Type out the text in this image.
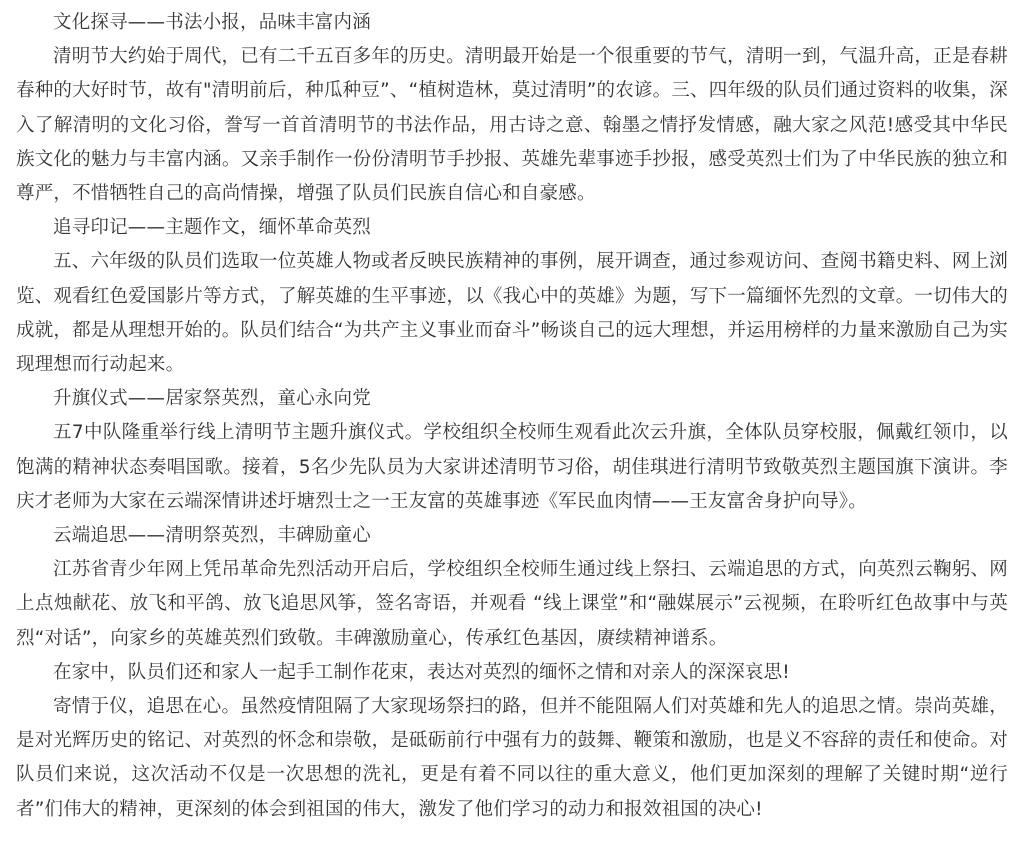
文化探寻——书法小报，品味丰富内涵

清明节大约始于周代，已有二千五百多年的历史。清明最开始是一个很重要的节气，清明一到，气温升高，正是春耕春种的大好时节，故有"清明前后，种瓜种豆”、“植树造林，莫过清明”的农谚。三、四年级的队员们通过资料的收集，深入了解清明的文化习俗，誊写一首首清明节的书法作品，用古诗之意、翰墨之情抒发情感，融大家之风范!感受其中华民族文化的魅力与丰富内涵。又亲手制作一份份清明节手抄报、英雄先辈事迹手抄报，感受英烈士们为了中华民族的独立和尊严，不惜牺牲自己的高尚情操，增强了队员们民族自信心和自豪感。

追寻印记——主题作文，缅怀革命英烈

五、六年级的队员们选取一位英雄人物或者反映民族精神的事例，展开调查，通过参观访问、查阅书籍史料、网上浏览、观看红色爱国影片等方式，了解英雄的生平事迹，以《我心中的英雄》为题，写下一篇缅怀先烈的文章。一切伟大的成就，都是从理想开始的。队员们结合“为共产主义事业而奋斗”畅谈自己的远大理想，并运用榜样的力量来激励自己为实现理想而行动起来。

升旗仪式——居家祭英烈，童心永向党

五7中队隆重举行线上清明节主题升旗仪式。学校组织全校师生观看此次云升旗，全体队员穿校服，佩戴红领巾，以饱满的精神状态奏唱国歌。接着，5名少先队员为大家讲述清明节习俗，胡佳琪进行清明节致敬英烈主题国旗下演讲。李庆才老师为大家在云端深情讲述圩塘烈士之一王友富的英雄事迹《军民血肉情——王友富舍身护向导》。

云端追思——清明祭英烈，丰碑励童心

江苏省青少年网上凭吊革命先烈活动开启后，学校组织全校师生通过线上祭扫、云端追思的方式，向英烈云鞠躬、网上点烛献花、放飞和平鸽、放飞追思风筝，签名寄语，并观看 “线上课堂”和“融媒展示”云视频，在聆听红色故事中与英烈“对话”，向家乡的英雄英烈们致敬。丰碑激励童心，传承红色基因，赓续精神谱系。

在家中，队员们还和家人一起手工制作花束，表达对英烈的缅怀之情和对亲人的深深哀思!

寄情于仪，追思在心。虽然疫情阻隔了大家现场祭扫的路，但并不能阻隔人们对英雄和先人的追思之情。崇尚英雄，是对光辉历史的铭记、对英烈的怀念和崇敬，是砥砺前行中强有力的鼓舞、鞭策和激励，也是义不容辞的责任和使命。对队员们来说，这次活动不仅是一次思想的洗礼，更是有着不同以往的重大意义，他们更加深刻的理解了关键时期“逆行者”们伟大的精神，更深刻的体会到祖国的伟大，激发了他们学习的动力和报效祖国的决心!
